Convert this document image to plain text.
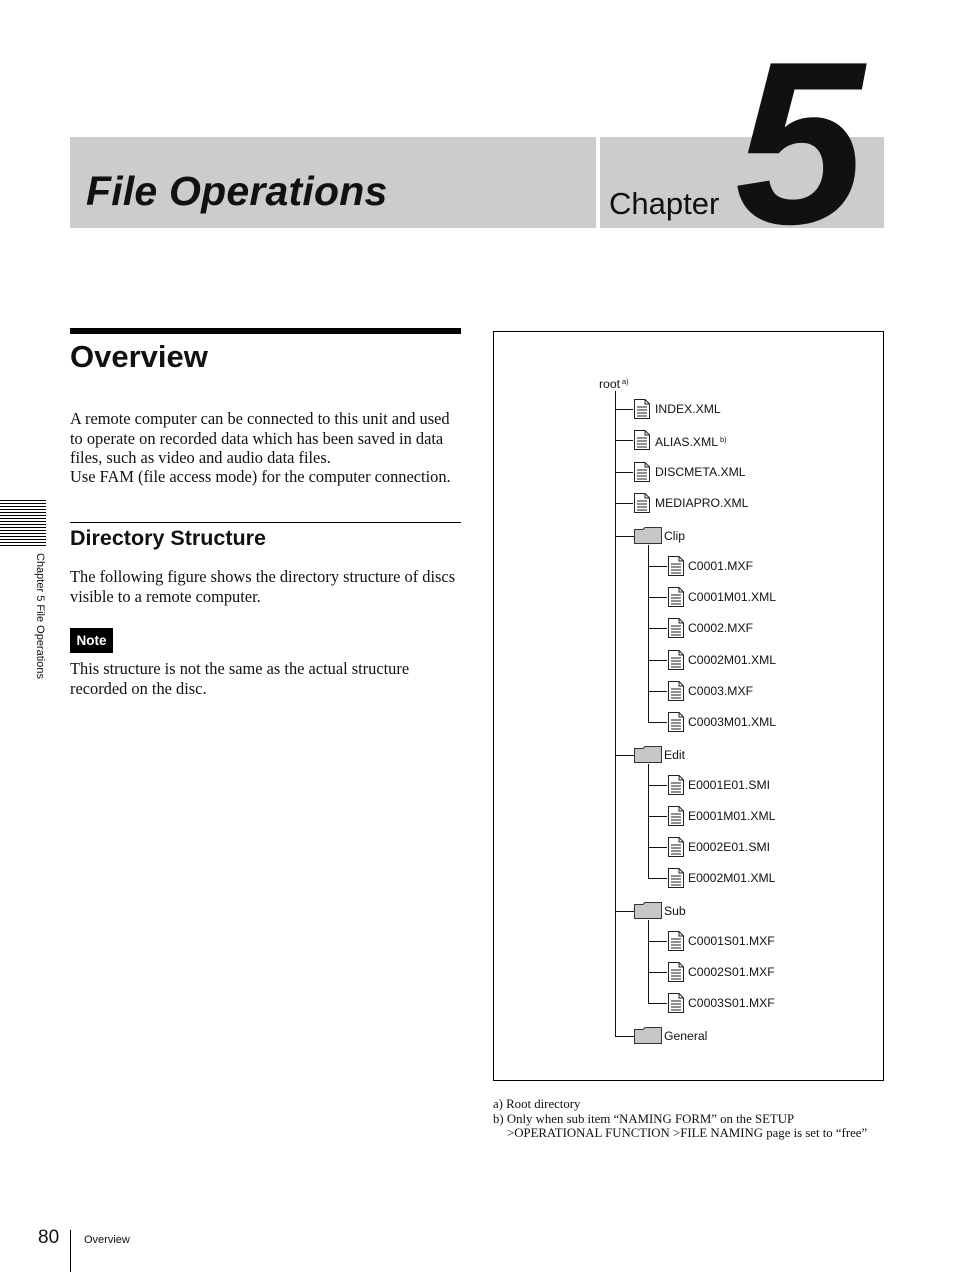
File Operations	Chapter 5
Overview
A remote computer can be connected to this unit and used to operate on recorded data which has been saved in data files, such as video and audio data files.
Use FAM (file access mode) for the computer connection.
Directory Structure
The following figure shows the directory structure of discs visible to a remote computer.
Note
This structure is not the same as the actual structure recorded on the disc.
Chapter 5 File Operations
root $^{a)}$
INDEX.XML
ALIAS.XML $^{b)}$
DISCMETA.XML
MEDIAPRO.XML
Clip
C0001.MXF
C0001M01.XML
C0002.MXF
C0002M01.XML
C0003.MXF
C0003M01.XML
Edit
E0001E01.SMI
E0001M01.XML
E0002E01.SMI
E0002M01.XML
Sub
C0001S01.MXF
C0002S01.MXF
C0003S01.MXF
General
a) Root directory
b) Only when sub item “NAMING FORM” on the SETUP
>OPERATIONAL FUNCTION >FILE NAMING page is set to “free”
80 Overview
